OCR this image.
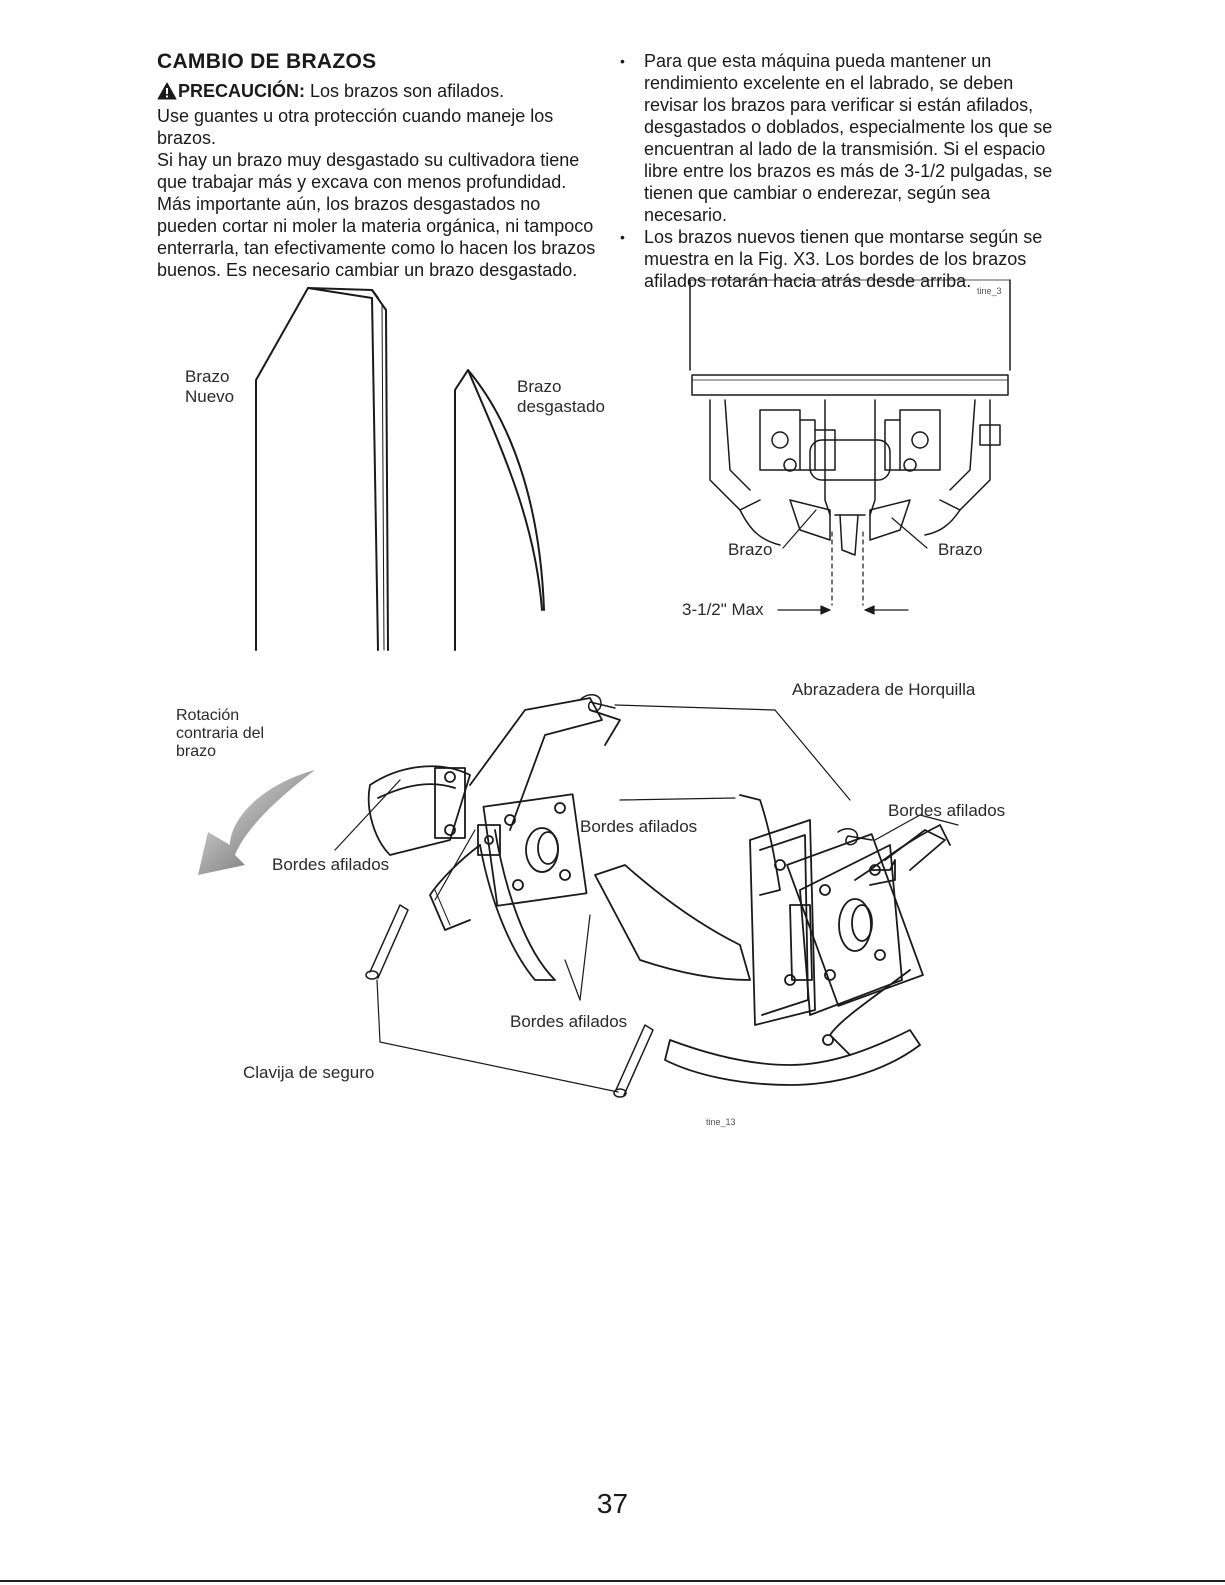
CAMBIO DE BRAZOS
PRECAUCIÓN: Los brazos son afilados.

Use guantes u otra protección cuando maneje los brazos.

Si hay un brazo muy desgastado su cultivadora tiene que trabajar más y excava con menos profundidad. Más importante aún, los brazos desgastados no pueden cortar ni moler la materia orgánica, ni tampoco enterrarla, tan efectivamente como lo hacen los brazos buenos. Es necesario cambiar un brazo desgastado.

• Para que esta máquina pueda mantener un rendimiento excelente en el labrado, se deben revisar los brazos para verificar si están afilados, desgastados o doblados, especialmente los que se encuentran al lado de la transmisión. Si el espacio libre entre los brazos es más de 3-1/2 pulgadas, se tienen que cambiar o enderezar, según sea necesario.
• Los brazos nuevos tienen que montarse según se muestra en la Fig. X3. Los bordes de los brazos afilados rotarán hacia atrás desde arriba.
Brazo
Nuevo
Brazo
desgastado
tine_3
Brazo	Brazo
3-1/2" Max
Rotación
contraria del
brazo
Abrazadera de Horquilla
Bordes afilados
Bordes afilados
Bordes afilados
Bordes afilados
Clavija de seguro
tine_13
37
